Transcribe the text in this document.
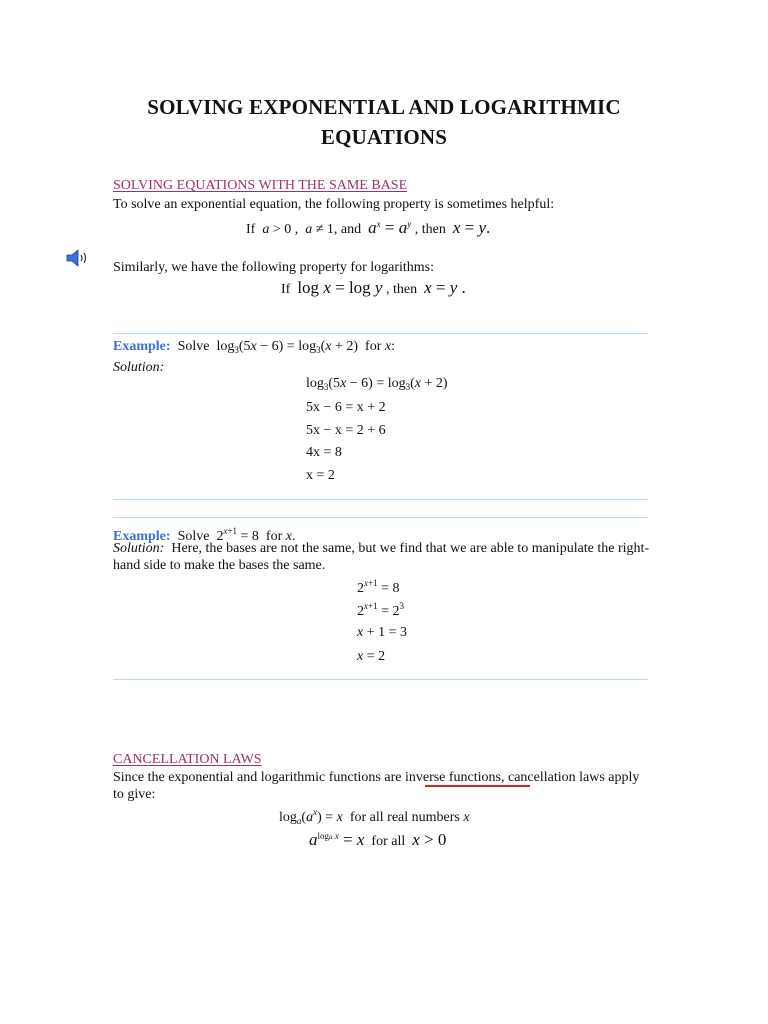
SOLVING EXPONENTIAL AND LOGARITHMIC
EQUATIONS
SOLVING EQUATIONS WITH THE SAME BASE
To solve an exponential equation, the following property is sometimes helpful:
If  a > 0 ,  a ≠ 1, and  $a^x = a^y$ , then  x = y.
Similarly, we have the following property for logarithms:
If  log x = log y , then  x = y .
Example:  Solve  $\log_3(5x - 6) = \log_3(x + 2)$  for x:
Solution:
$\log_3(5x - 6) = \log_3(x + 2)$
5x − 6 = x + 2
5x − x = 2 + 6
4x = 8
x = 2
Example:  Solve  $2^{x+1} = 8$  for x.
Solution: Here, the bases are not the same, but we find that we are able to manipulate the right-hand side to make the bases the same.
$2^{x+1} = 8$
$2^{x+1} = 2^3$
x + 1 = 3
x = 2
CANCELLATION LAWS
Since the exponential and logarithmic functions are inverse functions, cancellation laws apply to give:
$\log_a(a^x) = x$  for all real numbers x
$a^{loga x} = x$  for all  x > 0
